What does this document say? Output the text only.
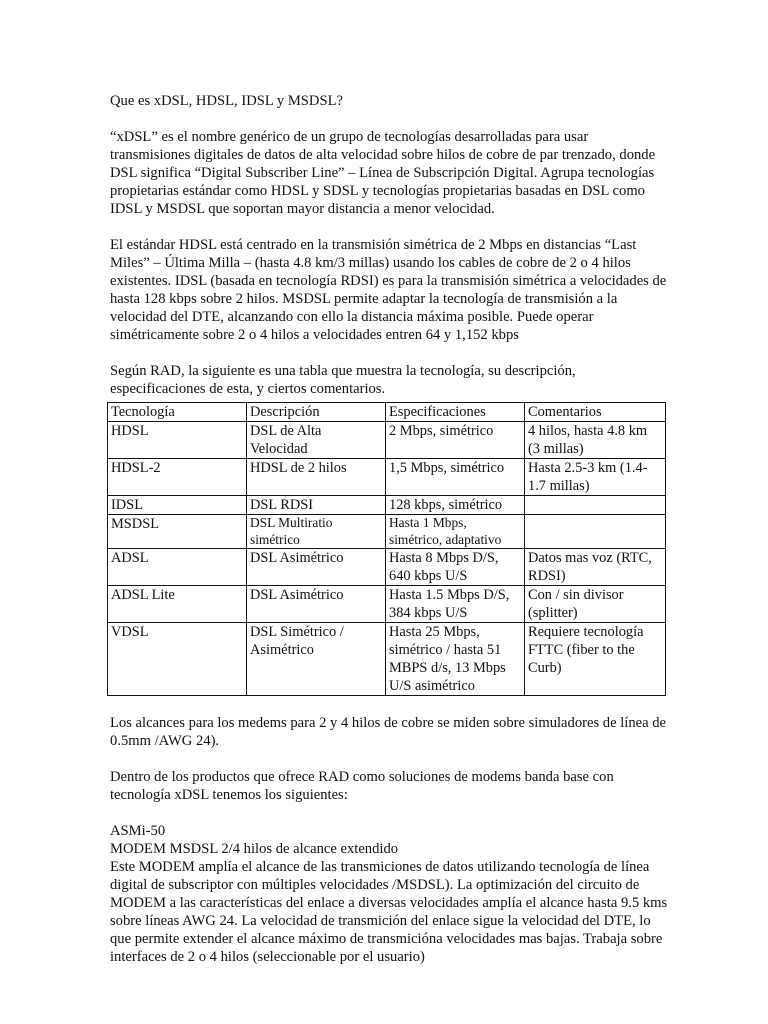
Que es xDSL, HDSL, IDSL y MSDSL?

“xDSL” es el nombre genérico de un grupo de tecnologías desarrolladas para usar transmisiones digitales de datos de alta velocidad sobre hilos de cobre de par trenzado, donde DSL significa “Digital Subscriber Line” – Línea de Subscripción Digital. Agrupa tecnologías propietarias estándar como HDSL y SDSL y tecnologías propietarias basadas en DSL como IDSL y MSDSL que soportan mayor distancia a menor velocidad.

El estándar HDSL está centrado en la transmisión simétrica de 2 Mbps en distancias “Last Miles” – Última Milla – (hasta 4.8 km/3 millas) usando los cables de cobre de 2 o 4 hilos existentes. IDSL (basada en tecnología RDSI) es para la transmisión simétrica a velocidades de hasta 128 kbps sobre 2 hilos. MSDSL permite adaptar la tecnología de transmisión a la velocidad del DTE, alcanzando con ello la distancia máxima posible. Puede operar simétricamente sobre 2 o 4 hilos a velocidades entren 64 y 1,152 kbps

Según RAD, la siguiente es una tabla que muestra la tecnología, su descripción, especificaciones de esta, y ciertos comentarios.

Tecnología	Descripción	Especificaciones	Comentarios
HDSL	DSL de Alta Velocidad	2 Mbps, simétrico	4 hilos, hasta 4.8 km (3 millas)
HDSL-2	HDSL de 2 hilos	1,5 Mbps, simétrico	Hasta 2.5-3 km (1.4-1.7 millas)
IDSL	DSL RDSI	128 kbps, simétrico	
MSDSL	DSL Multiratio simétrico	Hasta 1 Mbps, simétrico, adaptativo	
ADSL	DSL Asimétrico	Hasta 8 Mbps D/S, 640 kbps U/S	Datos mas voz (RTC, RDSI)
ADSL Lite	DSL Asimétrico	Hasta 1.5 Mbps D/S, 384 kbps U/S	Con / sin divisor (splitter)
VDSL	DSL Simétrico / Asimétrico	Hasta 25 Mbps, simétrico / hasta 51 MBPS d/s, 13 Mbps U/S asimétrico	Requiere tecnología FTTC (fiber to the Curb)

Los alcances para los medems para 2 y 4 hilos de cobre se miden sobre simuladores de línea de 0.5mm /AWG 24).

Dentro de los productos que ofrece RAD como soluciones de modems banda base con tecnología xDSL tenemos los siguientes:

ASMi-50

MODEM MSDSL 2/4 hilos de alcance extendido

Este MODEM amplía el alcance de las transmiciones de datos utilizando tecnología de línea digital de subscriptor con múltiples velocidades /MSDSL). La optimización del circuito de MODEM a las características del enlace a diversas velocidades amplía el alcance hasta 9.5 kms sobre líneas AWG 24. La velocidad de transmición del enlace sigue la velocidad del DTE, lo que permite extender el alcance máximo de transmicióna velocidades mas bajas. Trabaja sobre interfaces de 2 o 4 hilos (seleccionable por el usuario)
